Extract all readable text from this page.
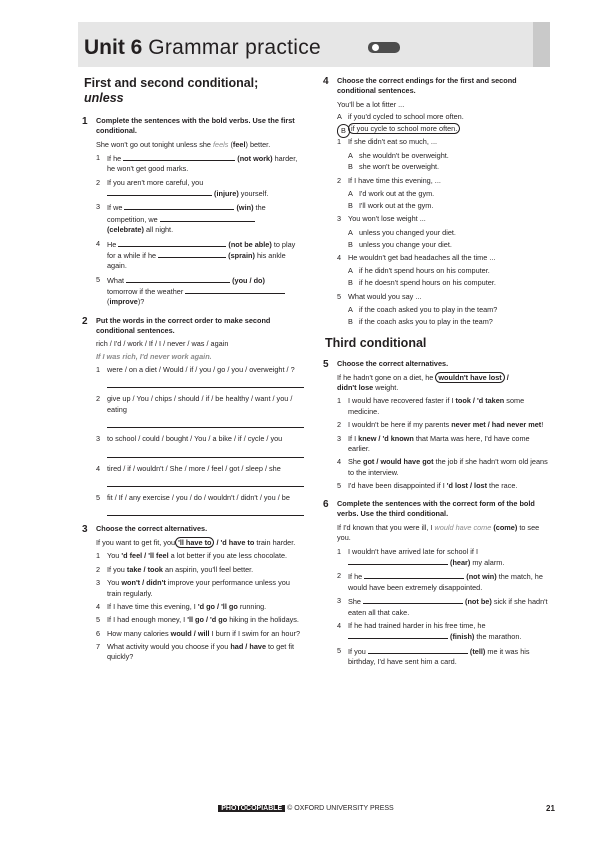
Unit 6 Grammar practice
First and second conditional;
unless
1 Complete the sentences with the bold verbs. Use the first conditional.
She won't go out tonight unless she feels (feel) better.
1 If he	(not work) harder, he won't get good marks.
2 If you aren't more careful, you
(injure) yourself.
3 If we	(win) the competition, we
(celebrate) all night.
4 He	(not be able) to play for a while if he	(sprain) his ankle again.
5 What	(you / do)
tomorrow if the weather
(improve)?
2 Put the words in the correct order to make second conditional sentences.
rich / I'd / work / If / I / never / was / again
If I was rich, I'd never work again.
1 were / on a diet / Would / if / you / go / you / overweight / ?
2 give up / You / chips / should / if / be healthy / want / you / eating
3 to school / could / bought / You / a bike / if / cycle / you
4 tired / if / wouldn't / She / more / feel / got / sleep / she
5 fit / If / any exercise / you / do / wouldn't / didn't / you / be
3 Choose the correct alternatives.
If you want to get fit, you 'll have to / 'd have to train harder.
1 You 'd feel / 'll feel a lot better if you ate less chocolate.
2 If you take / took an aspirin, you'll feel better.
3 You won't / didn't improve your performance unless you train regularly.
4 If I have time this evening, I 'd go / 'll go running.
5 If I had enough money, I 'll go / 'd go hiking in the holidays.
6 How many calories would / will I burn if I swim for an hour?
7 What activity would you choose if you had / have to get fit quickly?
4 Choose the correct endings for the first and second conditional sentences.
You'll be a lot fitter ...
A if you'd cycled to school more often.
B if you cycle to school more often.
1 If she didn't eat so much, ...
A she wouldn't be overweight.
B she won't be overweight.
2 If I have time this evening, ...
A I'd work out at the gym.
B I'll work out at the gym.
3 You won't lose weight ...
A unless you changed your diet.
B unless you change your diet.
4 He wouldn't get bad headaches all the time ...
A if he didn't spend hours on his computer.
B if he doesn't spend hours on his computer.
5 What would you say ...
A if the coach asked you to play in the team?
B if the coach asks you to play in the team?
Third conditional
5 Choose the correct alternatives.
If he hadn't gone on a diet, he wouldn't have lost /
didn't lose weight.
1 I would have recovered faster if I took / 'd taken some medicine.
2 I wouldn't be here if my parents never met / had never met!
3 If I knew / 'd known that Marta was here, I'd have come earlier.
4 She got / would have got the job if she hadn't worn old jeans to the interview.
5 I'd have been disappointed if I 'd lost / lost the race.
6 Complete the sentences with the correct form of the bold verbs. Use the third conditional.
If I'd known that you were ill, I would have come (come) to see you.
1 I wouldn't have arrived late for school if I
(hear) my alarm.
2 If he	(not win) the match, he would have been extremely disappointed.
3 She	(not be) sick if she hadn't eaten all that cake.
4 If he had trained harder in his free time, he
(finish) the marathon.
5 If you	(tell) me it was his birthday, I'd have sent him a card.
PHOTOCOPIABLE © OXFORD UNIVERSITY PRESS	21
